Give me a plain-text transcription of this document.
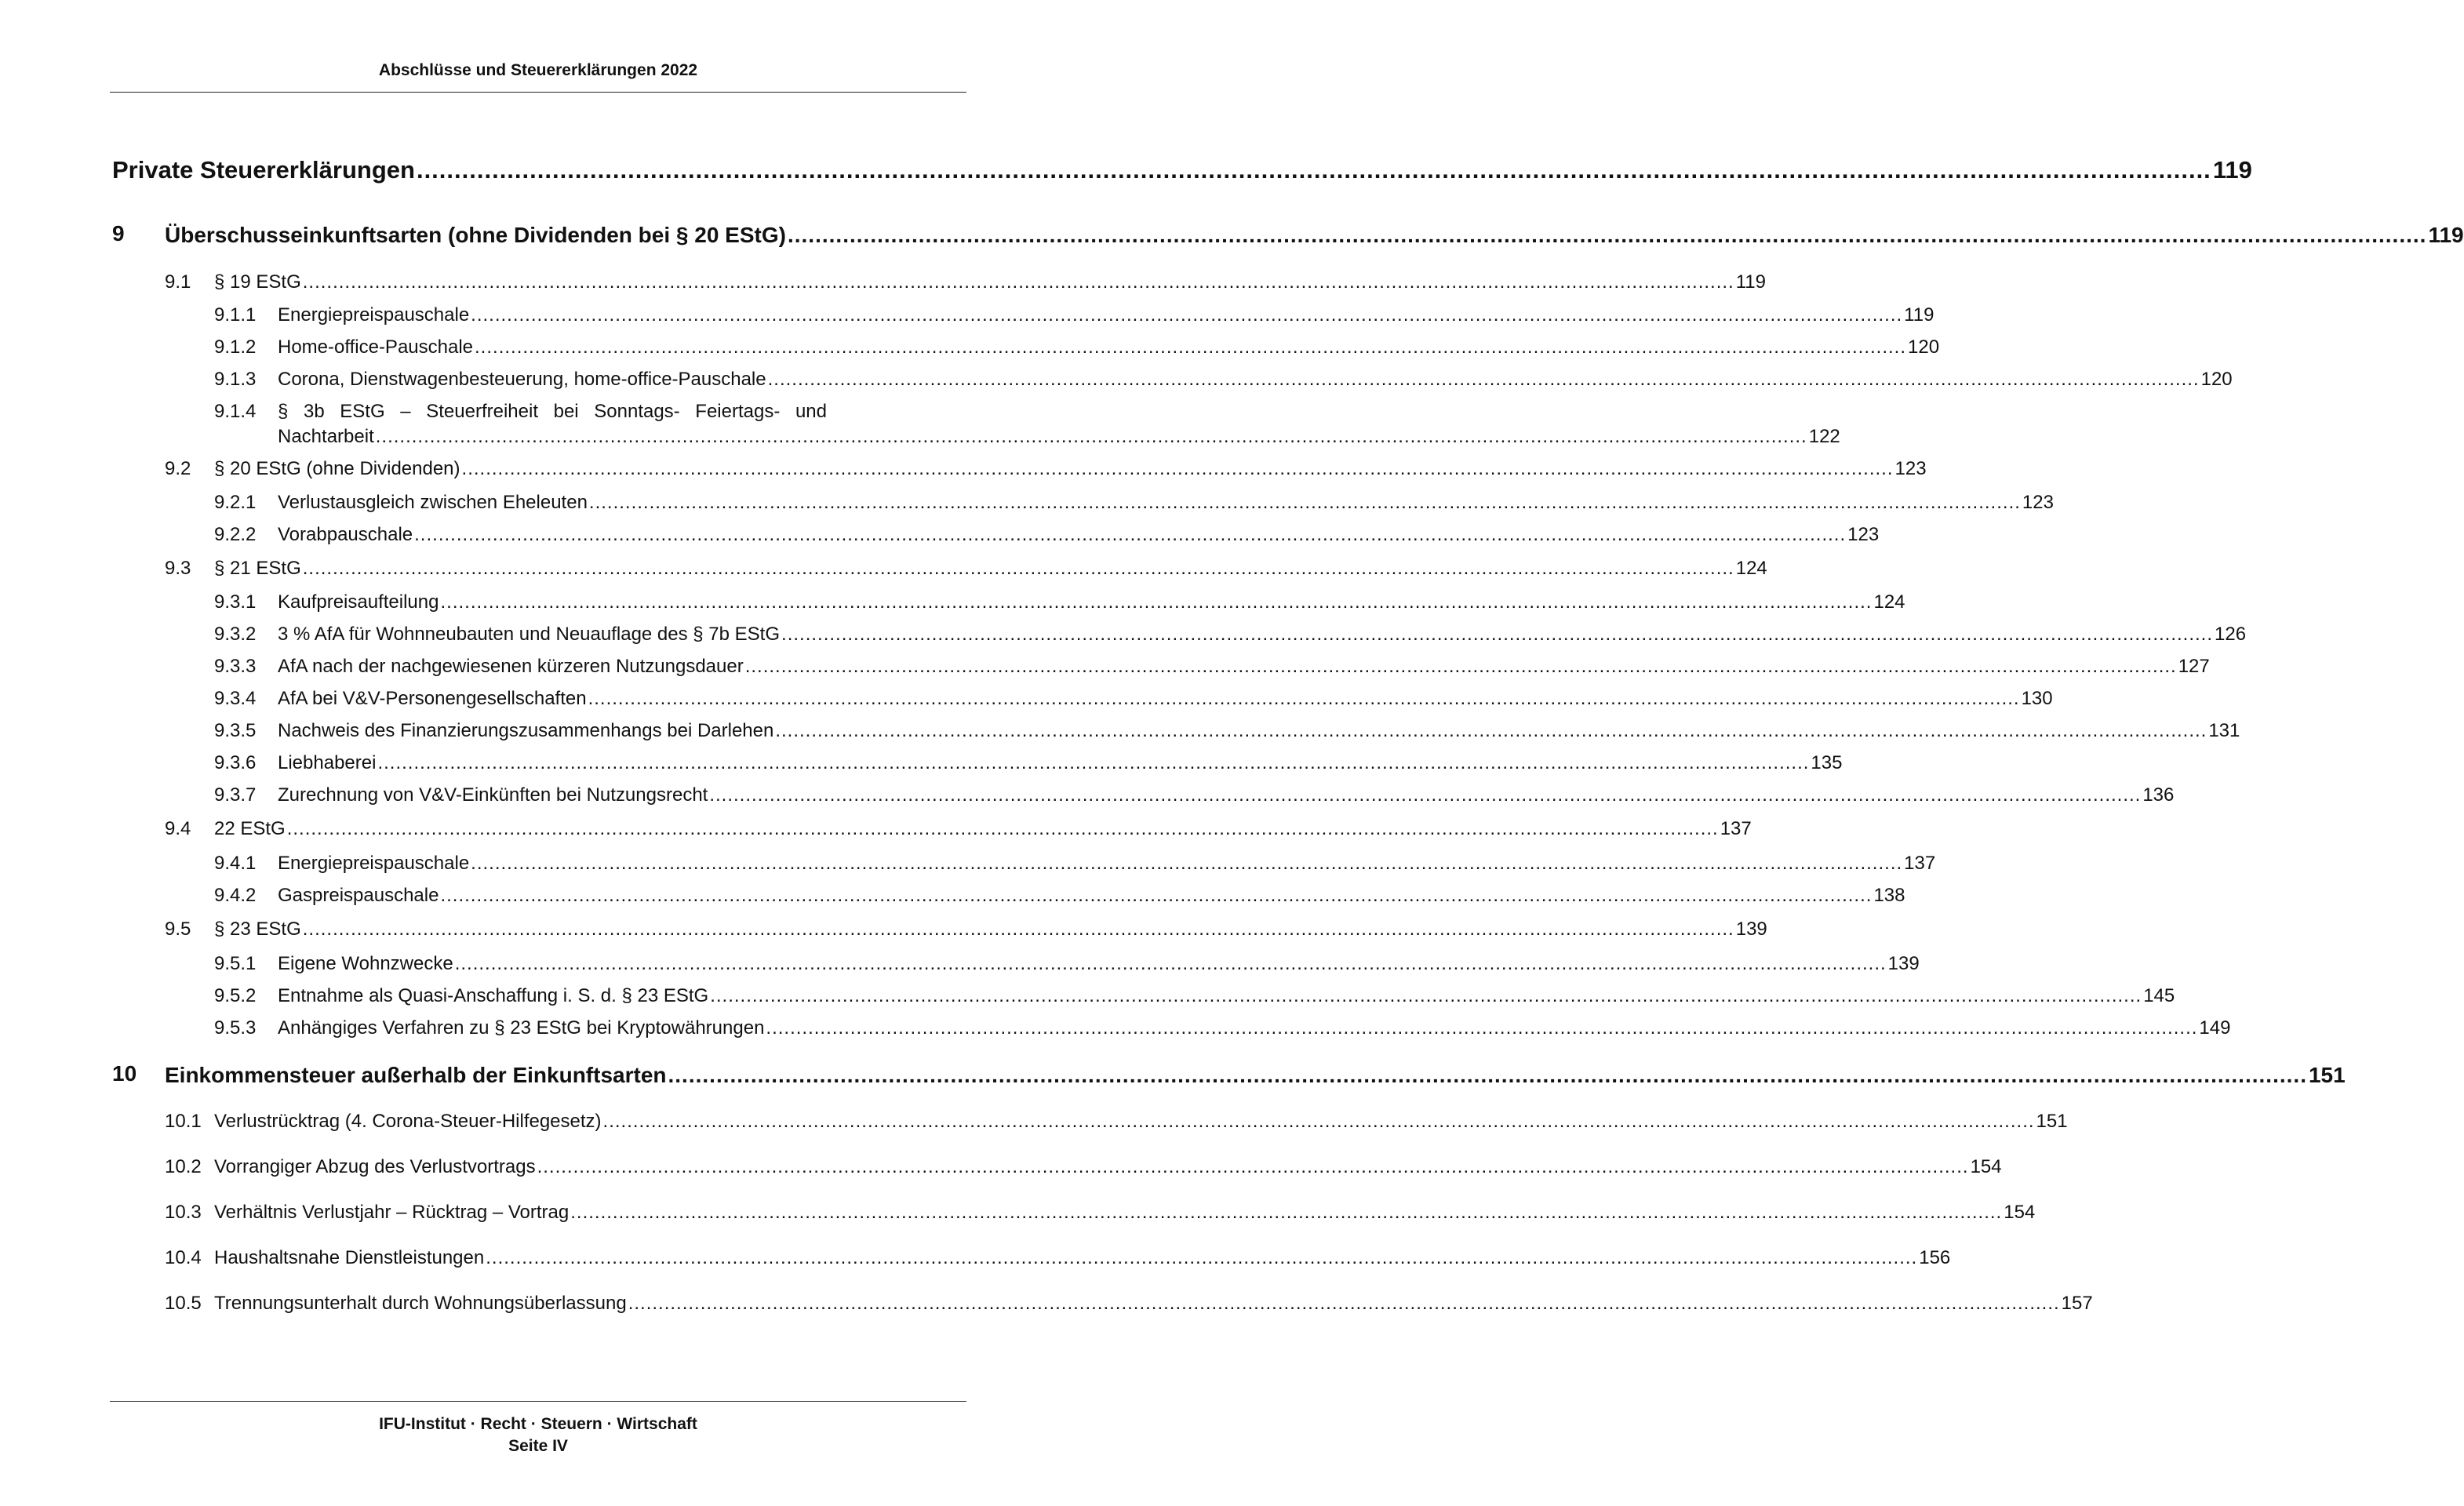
Abschlüsse und Steuererklärungen 2022
Private Steuererklärungen .............................................................................................................................................................................................................................................. 119
9 Überschusseinkunftsarten (ohne Dividenden bei § 20 EStG) .............................................................................................................................................................................................................................................. 119
9.1 § 19 EStG .............................................................................................................................................................................................................................................. 119
9.1.1 Energiepreispauschale .............................................................................................................................................................................................................................................. 119
9.1.2 Home-office-Pauschale .............................................................................................................................................................................................................................................. 120
9.1.3 Corona, Dienstwagenbesteuerung, home-office-Pauschale .............................................................................................................................................................................................................................................. 120
9.1.4 § 3b EStG – Steuerfreiheit bei Sonntags- Feiertags- und
Nachtarbeit .............................................................................................................................................................................................................................................. 122
9.2 § 20 EStG (ohne Dividenden) .............................................................................................................................................................................................................................................. 123
9.2.1 Verlustausgleich zwischen Eheleuten .............................................................................................................................................................................................................................................. 123
9.2.2 Vorabpauschale .............................................................................................................................................................................................................................................. 123
9.3 § 21 EStG .............................................................................................................................................................................................................................................. 124
9.3.1 Kaufpreisaufteilung .............................................................................................................................................................................................................................................. 124
9.3.2 3 % AfA für Wohnneubauten und Neuauflage des § 7b EStG .............................................................................................................................................................................................................................................. 126
9.3.3 AfA nach der nachgewiesenen kürzeren Nutzungsdauer .............................................................................................................................................................................................................................................. 127
9.3.4 AfA bei V&V-Personengesellschaften .............................................................................................................................................................................................................................................. 130
9.3.5 Nachweis des Finanzierungszusammenhangs bei Darlehen .............................................................................................................................................................................................................................................. 131
9.3.6 Liebhaberei .............................................................................................................................................................................................................................................. 135
9.3.7 Zurechnung von V&V-Einkünften bei Nutzungsrecht .............................................................................................................................................................................................................................................. 136
9.4 22 EStG .............................................................................................................................................................................................................................................. 137
9.4.1 Energiepreispauschale .............................................................................................................................................................................................................................................. 137
9.4.2 Gaspreispauschale .............................................................................................................................................................................................................................................. 138
9.5 § 23 EStG .............................................................................................................................................................................................................................................. 139
9.5.1 Eigene Wohnzwecke .............................................................................................................................................................................................................................................. 139
9.5.2 Entnahme als Quasi-Anschaffung i. S. d. § 23 EStG .............................................................................................................................................................................................................................................. 145
9.5.3 Anhängiges Verfahren zu § 23 EStG bei Kryptowährungen .............................................................................................................................................................................................................................................. 149
10 Einkommensteuer außerhalb der Einkunftsarten .............................................................................................................................................................................................................................................. 151
10.1 Verlustrücktrag (4. Corona-Steuer-Hilfegesetz) .............................................................................................................................................................................................................................................. 151
10.2 Vorrangiger Abzug des Verlustvortrags .............................................................................................................................................................................................................................................. 154
10.3 Verhältnis Verlustjahr – Rücktrag – Vortrag .............................................................................................................................................................................................................................................. 154
10.4 Haushaltsnahe Dienstleistungen .............................................................................................................................................................................................................................................. 156
10.5 Trennungsunterhalt durch Wohnungsüberlassung .............................................................................................................................................................................................................................................. 157
IFU-Institut · Recht · Steuern · Wirtschaft
Seite IV
